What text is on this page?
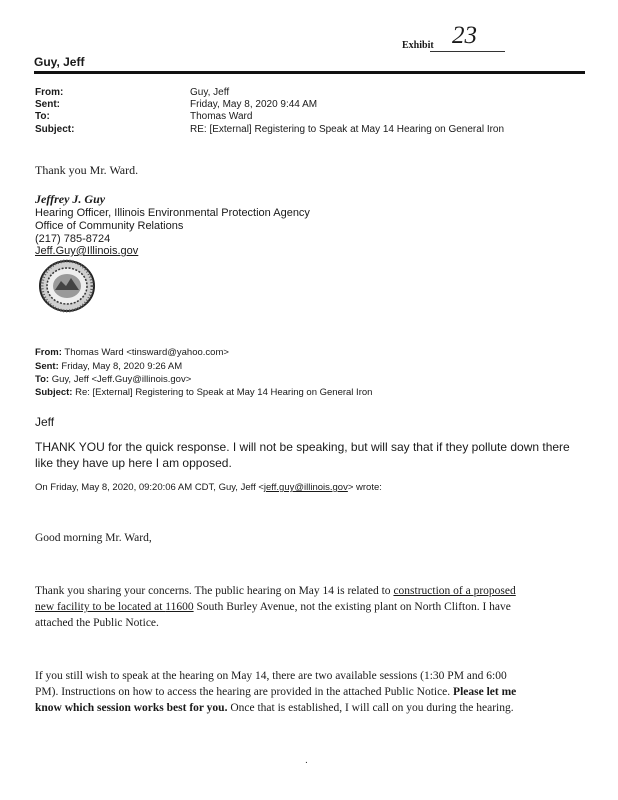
Exhibit 23
Guy, Jeff
From:	Guy, Jeff
Sent:	Friday, May 8, 2020 9:44 AM
To:	Thomas Ward
Subject:	RE: [External] Registering to Speak at May 14 Hearing on General Iron
Thank you Mr. Ward.
Jeffrey J. Guy
Hearing Officer, Illinois Environmental Protection Agency
Office of Community Relations
(217) 785-8724
Jeff.Guy@Illinois.gov
From: Thomas Ward <tinsward@yahoo.com>
Sent: Friday, May 8, 2020 9:26 AM
To: Guy, Jeff <Jeff.Guy@illinois.gov>
Subject: Re: [External] Registering to Speak at May 14 Hearing on General Iron
Jeff
THANK YOU for the quick response. I will not be speaking, but will say that if they pollute down there
like they have up here I am opposed.
On Friday, May 8, 2020, 09:20:06 AM CDT, Guy, Jeff <jeff.guy@illinois.gov> wrote:
Good morning Mr. Ward,
Thank you sharing your concerns. The public hearing on May 14 is related to construction of a proposed
new facility to be located at 11600 South Burley Avenue, not the existing plant on North Clifton. I have
attached the Public Notice.
If you still wish to speak at the hearing on May 14, there are two available sessions (1:30 PM and 6:00
PM). Instructions on how to access the hearing are provided in the attached Public Notice. Please let me
know which session works best for you. Once that is established, I will call on you during the hearing.
.
